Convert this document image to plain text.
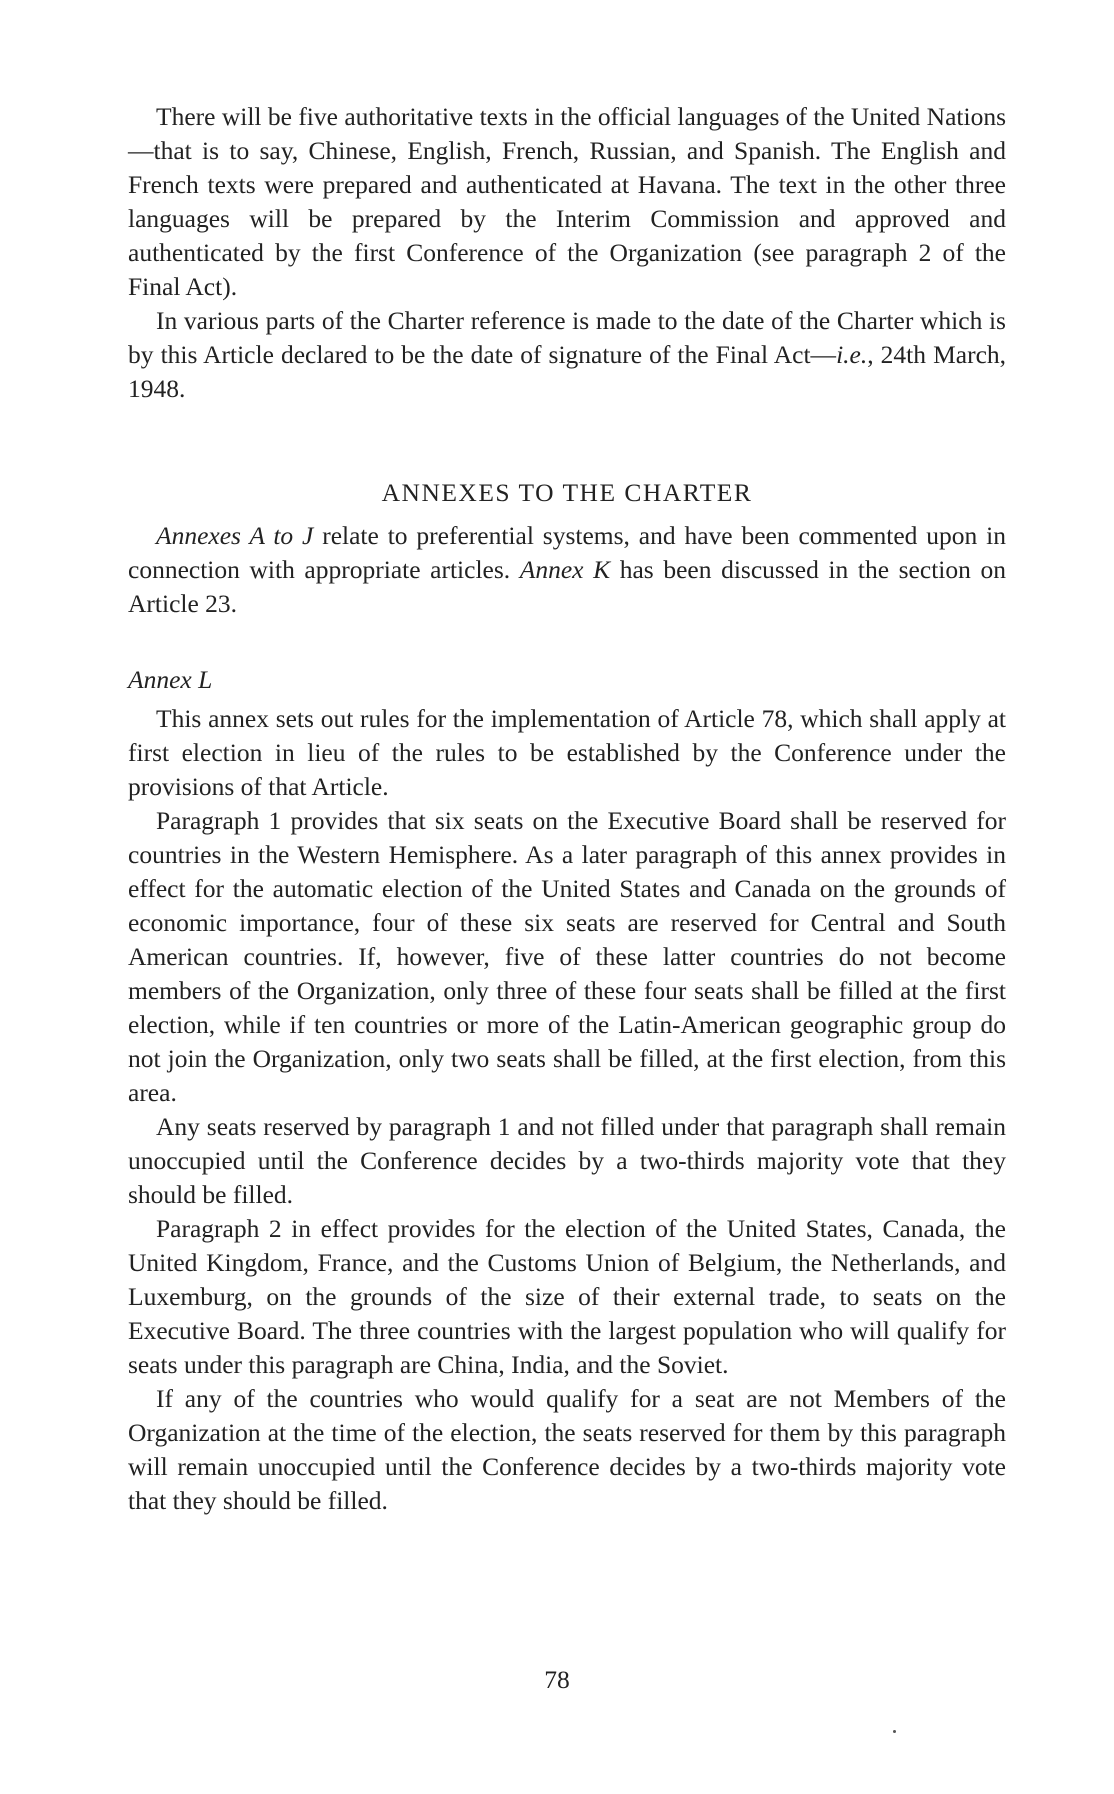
There will be five authoritative texts in the official languages of the United Nations—that is to say, Chinese, English, French, Russian, and Spanish. The English and French texts were prepared and authenticated at Havana. The text in the other three languages will be prepared by the Interim Commission and approved and authenticated by the first Conference of the Organization (see paragraph 2 of the Final Act).

In various parts of the Charter reference is made to the date of the Charter which is by this Article declared to be the date of signature of the Final Act—i.e., 24th March, 1948.

ANNEXES TO THE CHARTER

Annexes A to J relate to preferential systems, and have been commented upon in connection with appropriate articles. Annex K has been discussed in the section on Article 23.

Annex L

This annex sets out rules for the implementation of Article 78, which shall apply at first election in lieu of the rules to be established by the Conference under the provisions of that Article.

Paragraph 1 provides that six seats on the Executive Board shall be reserved for countries in the Western Hemisphere. As a later paragraph of this annex provides in effect for the automatic election of the United States and Canada on the grounds of economic importance, four of these six seats are reserved for Central and South American countries. If, however, five of these latter countries do not become members of the Organization, only three of these four seats shall be filled at the first election, while if ten countries or more of the Latin-American geographic group do not join the Organization, only two seats shall be filled, at the first election, from this area.

Any seats reserved by paragraph 1 and not filled under that paragraph shall remain unoccupied until the Conference decides by a two-thirds majority vote that they should be filled.

Paragraph 2 in effect provides for the election of the United States, Canada, the United Kingdom, France, and the Customs Union of Belgium, the Netherlands, and Luxemburg, on the grounds of the size of their external trade, to seats on the Executive Board. The three countries with the largest population who will qualify for seats under this paragraph are China, India, and the Soviet.

If any of the countries who would qualify for a seat are not Members of the Organization at the time of the election, the seats reserved for them by this paragraph will remain unoccupied until the Conference decides by a two-thirds majority vote that they should be filled.

78
